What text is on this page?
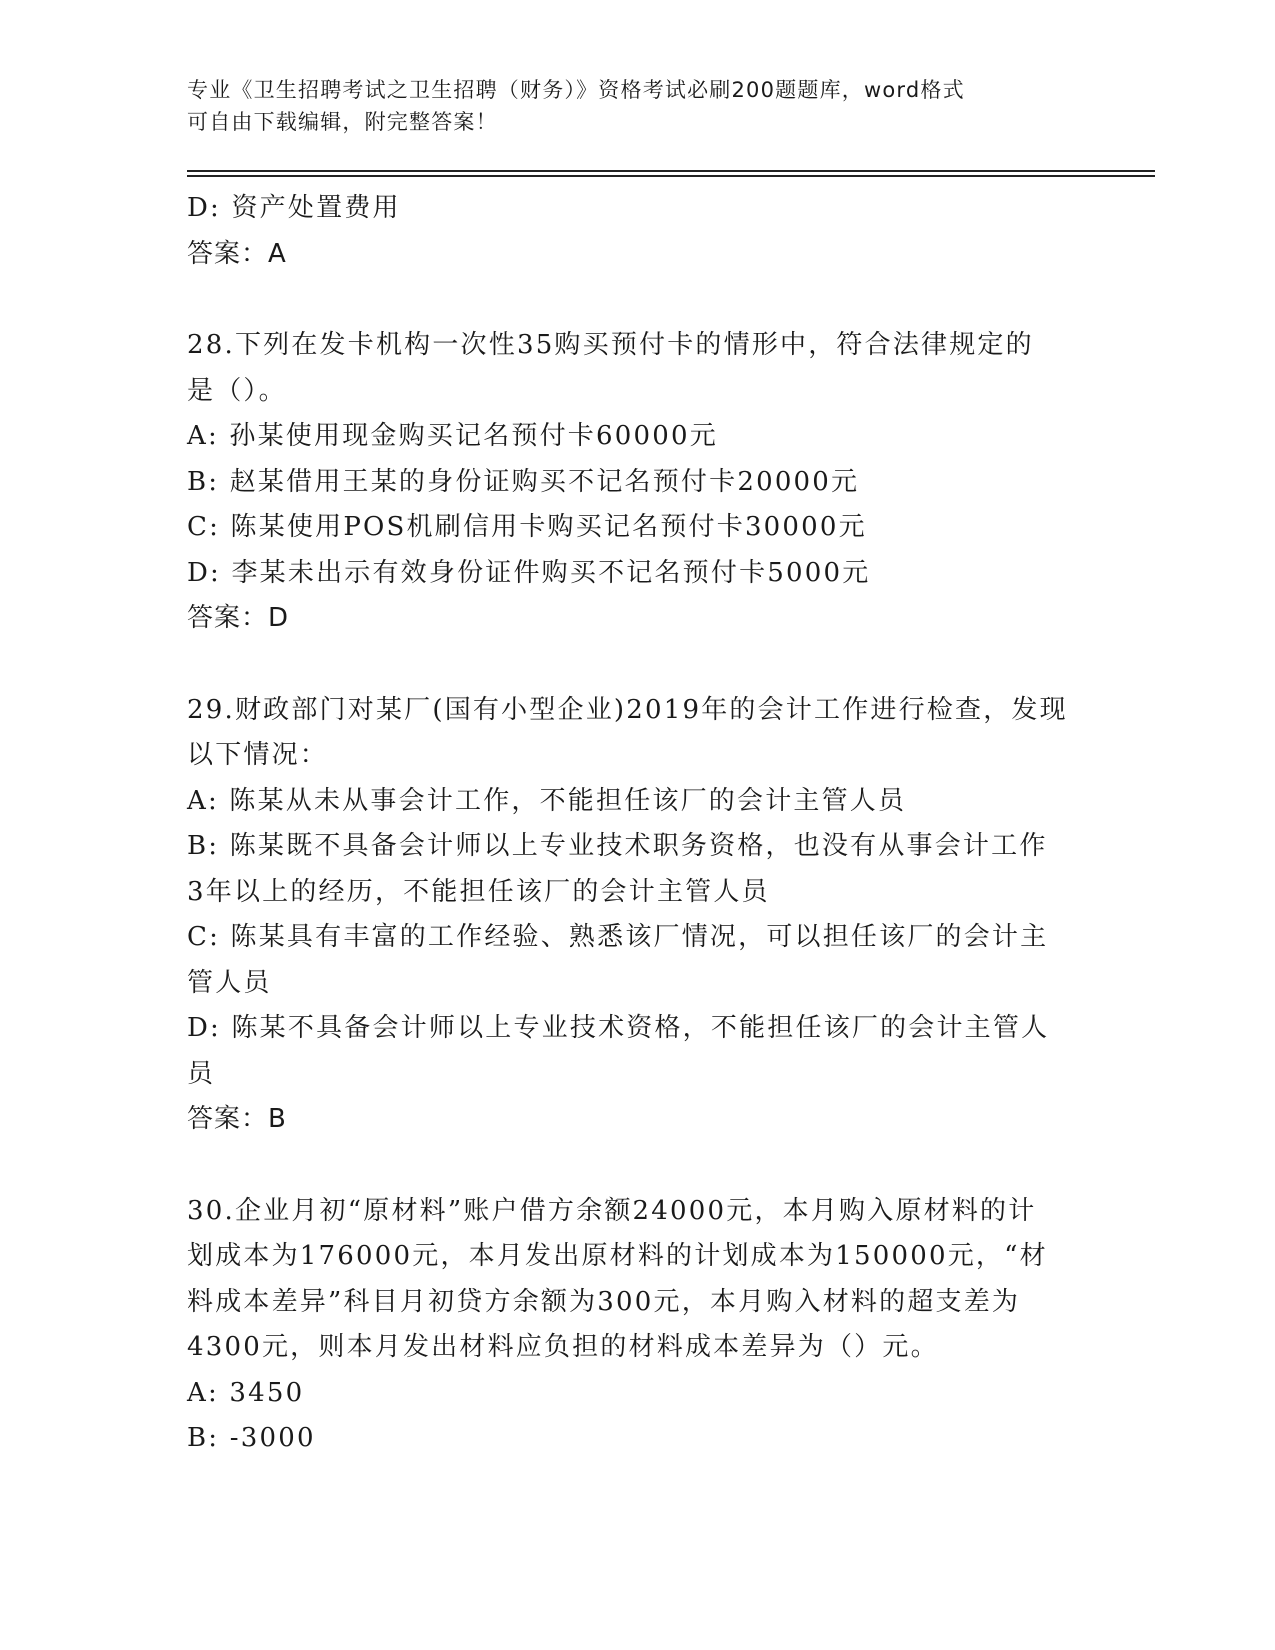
专业《卫生招聘考试之卫生招聘（财务）》资格考试必刷200题题库，word格式
可自由下载编辑，附完整答案！
D: 资产处置费用
答案：A
28.下列在发卡机构一次性35购买预付卡的情形中，符合法律规定的
是（）。
A: 孙某使用现金购买记名预付卡60000元
B: 赵某借用王某的身份证购买不记名预付卡20000元
C: 陈某使用POS机刷信用卡购买记名预付卡30000元
D: 李某未出示有效身份证件购买不记名预付卡5000元
答案：D
29.财政部门对某厂(国有小型企业)2019年的会计工作进行检查，发现
以下情况：
A: 陈某从未从事会计工作，不能担任该厂的会计主管人员
B: 陈某既不具备会计师以上专业技术职务资格，也没有从事会计工作
3年以上的经历，不能担任该厂的会计主管人员
C: 陈某具有丰富的工作经验、熟悉该厂情况，可以担任该厂的会计主
管人员
D: 陈某不具备会计师以上专业技术资格，不能担任该厂的会计主管人
员
答案：B
30.企业月初“原材料”账户借方余额24000元，本月购入原材料的计
划成本为176000元，本月发出原材料的计划成本为150000元，“材
料成本差异”科目月初贷方余额为300元，本月购入材料的超支差为
4300元，则本月发出材料应负担的材料成本差异为（）元。
A: 3450
B: -3000
